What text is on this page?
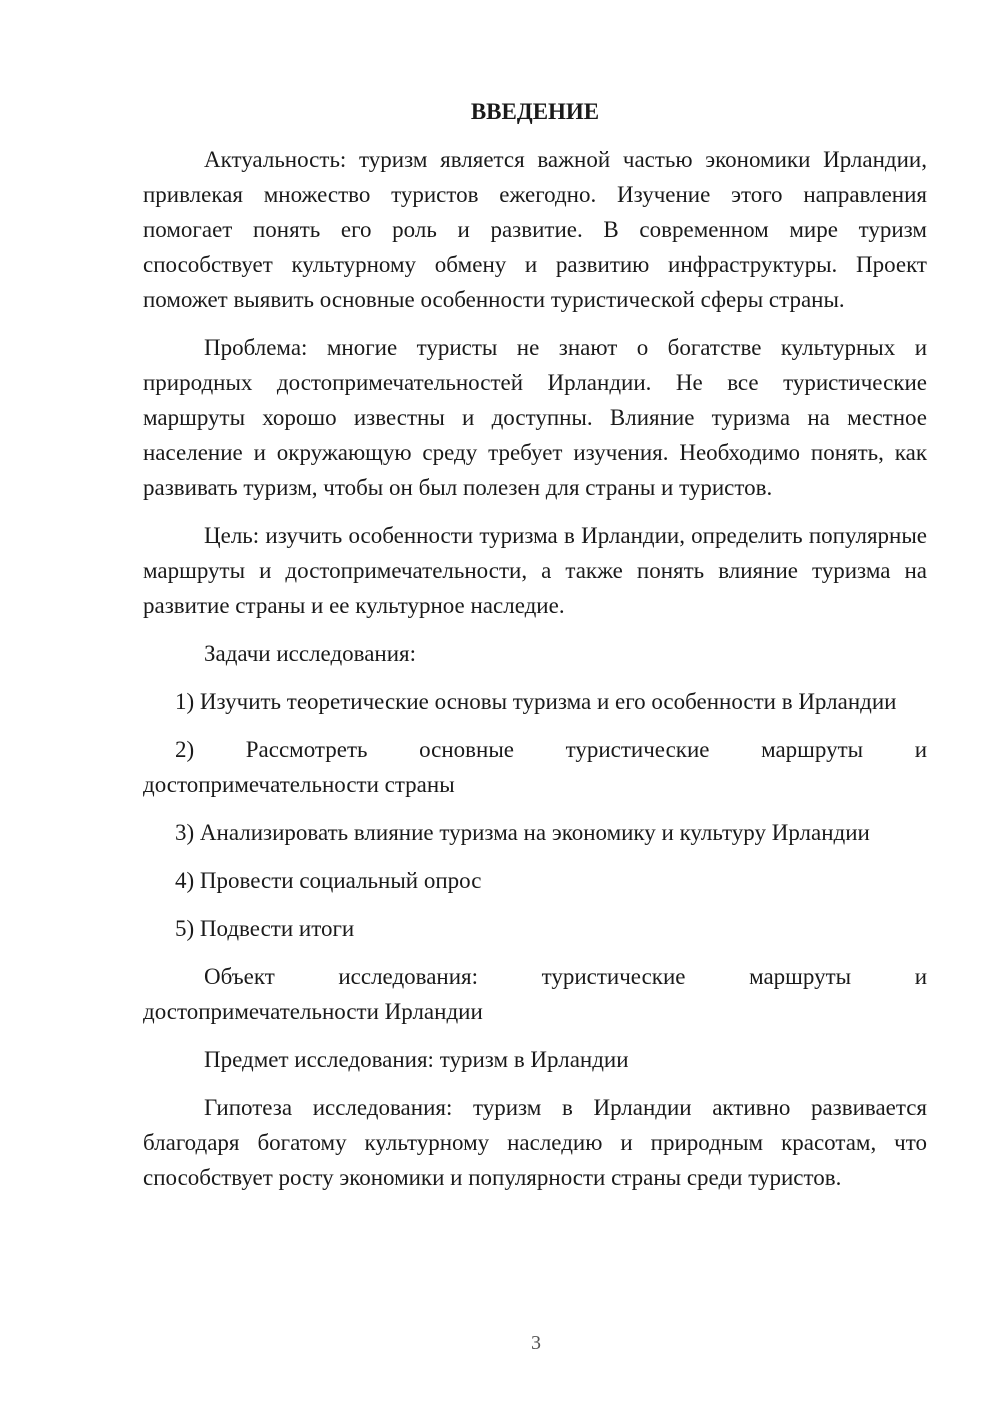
ВВЕДЕНИЕ

Актуальность: туризм является важной частью экономики Ирландии, привлекая множество туристов ежегодно. Изучение этого направления помогает понять его роль и развитие. В современном мире туризм способствует культурному обмену и развитию инфраструктуры. Проект поможет выявить основные особенности туристической сферы страны.

Проблема: многие туристы не знают о богатстве культурных и природных достопримечательностей Ирландии. Не все туристические маршруты хорошо известны и доступны. Влияние туризма на местное население и окружающую среду требует изучения. Необходимо понять, как развивать туризм, чтобы он был полезен для страны и туристов.

Цель: изучить особенности туризма в Ирландии, определить популярные маршруты и достопримечательности, а также понять влияние туризма на развитие страны и ее культурное наследие.

Задачи исследования:

1) Изучить теоретические основы туризма и его особенности в Ирландии

2) Рассмотреть основные туристические маршруты и достопримечательности страны

3) Анализировать влияние туризма на экономику и культуру Ирландии

4) Провести социальный опрос

5) Подвести итоги

Объект исследования: туристические маршруты и

достопримечательности Ирландии

Предмет исследования: туризм в Ирландии

Гипотеза исследования: туризм в Ирландии активно развивается благодаря богатому культурному наследию и природным красотам, что способствует росту экономики и популярности страны среди туристов.

3
